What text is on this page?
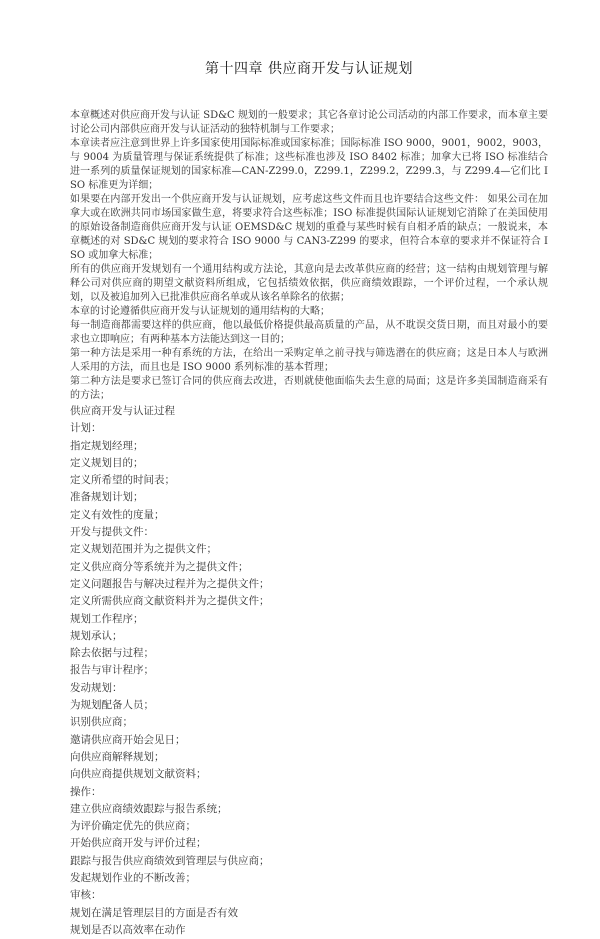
第十四章 供应商开发与认证规划

本章概述对供应商开发与认证 SD&C 规划的一般要求；其它各章讨论公司活动的内部工作要求，而本章主要讨论公司内部供应商开发与认证活动的独特机制与工作要求；

本章读者应注意到世界上许多国家使用国际标准或国家标准；国际标准 ISO 9000，9001，9002，9003，与 9004 为质量管理与保证系统提供了标准；这些标准也涉及 ISO 8402 标准；加拿大已将 ISO 标准结合进一系列的质量保证规划的国家标准—CAN-Z299.0，Z299.1，Z299.2，Z299.3，与 Z299.4—它们比 ISO 标准更为详细；

如果要在内部开发出一个供应商开发与认证规划，应考虑这些文件而且也许要结合这些文件： 如果公司在加拿大或在欧洲共同市场国家做生意，将要求符合这些标准；ISO 标准提供国际认证规划它消除了在美国使用的原始设备制造商供应商开发与认证 OEMSD&C 规划的重叠与某些时候有自相矛盾的缺点；一般说来，本章概述的对 SD&C 规划的要求符合 ISO 9000 与 CAN3-Z299 的要求，但符合本章的要求并不保证符合 ISO 或加拿大标准；

所有的供应商开发规划有一个通用结构或方法论，其意向是去改革供应商的经营；这一结构由规划管理与解释公司对供应商的期望文献资料所组成，它包括绩效依据，供应商绩效跟踪，一个评价过程，一个承认规划，以及被追加列入已批准供应商名单或从该名单除名的依据；

本章的讨论遵循供应商开发与认证规划的通用结构的大略；

每一制造商都需要这样的供应商，他以最低价格提供最高质量的产品，从不耽误交货日期，而且对最小的要求也立即响应；有两种基本方法能达到这一目的；

第一种方法是采用一种有系统的方法，在给出一采购定单之前寻找与筛选潜在的供应商；这是日本人与欧洲人采用的方法，而且也是 ISO 9000 系列标准的基本哲理；

第二种方法是要求已签订合同的供应商去改进，否则就使他面临失去生意的局面；这是许多美国制造商采有的方法；

供应商开发与认证过程

计划：

指定规划经理；

定义规划目的；

定义所希望的时间表；

准备规划计划；

定义有效性的度量；

开发与提供文件：

定义规划范围并为之提供文件；

定义供应商分等系统并为之提供文件；

定义问题报告与解决过程并为之提供文件；

定义所需供应商文献资料并为之提供文件；

规划工作程序；

规划承认；

除去依据与过程；

报告与审计程序；

发动规划：

为规划配备人员；

识别供应商；

邀请供应商开始会见日；

向供应商解释规划；

向供应商提供规划文献资料；

操作：

建立供应商绩效跟踪与报告系统；

为评价确定优先的供应商；

开始供应商开发与评价过程；

跟踪与报告供应商绩效到管理层与供应商；

发起规划作业的不断改善；

审核：

规划在满足管理层目的方面是否有效

规划是否以高效率在动作
